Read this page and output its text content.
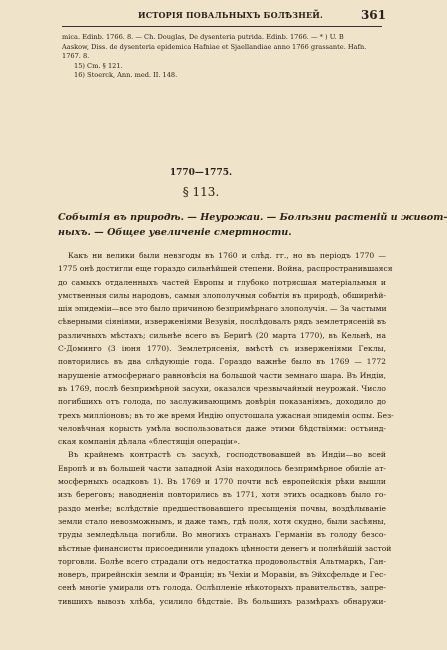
ИСТОРІЯ ПОВАЛЬНЫХЪ БОЛѢЗНЕЙ.	361
mica. Edinb. 1766. 8. — Ch. Douglas, De dysenteria putrida. Edinb. 1766. — * ) U. B
Aaskow, Diss. de dysenteria epidemica Hafniae et Sjaellandiae anno 1766 grassante. Hafn.
1767. 8.
15) Cm. § 121.
16) Stoerck, Ann. med. II. 148.
1770—1775.
§ 113.
Событія въ природѣ. — Неурожаи. — Болѣзни растеній и живот-
ныхъ. — Общее увеличеніе смертности.
Какъ ни велики были невзгоды въ 1760 и слѣд. гг., но въ періодъ 1770 —
1775 онѣ достигли еще гораздо сильнѣйшей степени. Война, распространившаяся
до самыхъ отдаленныхъ частей Европы и глубоко потрясшая матеріальныя и
умственныя силы народовъ, самыя злополучныя событія въ природѣ, обширнѣй-
шія эпидеміи—все это было причиною безпримѣрнаго злополучія. — За частыми
сѣверными сіяніями, изверженіями Везувія, послѣдовалъ рядъ землетрясеній въ
различныхъ мѣстахъ; сильнѣе всего въ Беригѣ (20 марта 1770), въ Кельнѣ, на
С-Доминго (3 іюня 1770). Землетрясенія, вмѣстѣ съ изверженіями Геклы,
повторились въ два слѣдующіе года. Гораздо важнѣе было въ 1769 — 1772
нарушеніе атмосфернаго равновѣсія на большой части земнаго шара. Въ Индіи,
въ 1769, послѣ безпримѣрной засухи, оказался чрезвычайный неурожай. Число
погибшихъ отъ голода, по заслуживающимъ довѣрія показаніямъ, доходило до
трехъ милліоновъ; въ то же время Индію опустошала ужасная эпидемія оспы. Без-
человѣчная корысть умѣла воспользоваться даже этими бѣдствіями: остъинд-
ская компанія дѣлала «блестящія операціи».
Въ крайнемъ контрастѣ съ засухѣ, господствовавшей въ Индіи—во всей
Европѣ и въ большей части западной Азіи находилось безпримѣрное обиліе ат-
мосферныхъ осадковъ 1). Въ 1769 и 1770 почти всѣ европейскія рѣки вышли
изъ береговъ; наводненія повторились въ 1771, хотя этихъ осадковъ было го-
раздо менѣе; вслѣдствіе предшествовавшего пресыщенія почвы, воздѣлываніе
земли стало невозможнымъ, и даже тамъ, гдѣ поля, хотя скудно, были засѣяны,
труды земледѣльца погибли. Во многихъ странахъ Германіи въ голоду безсо-
вѣстные финансисты присоединили упадокъ цѣнности денегъ и полнѣйшій застой
торговли. Болѣе всего страдали отъ недостатка продовольствія Альтмаркъ, Ган-
новеръ, прирейнскія земли и Франція; въ Чехіи и Моравіи, въ Эйхсфельде и Гес-
сенѣ многіе умирали отъ голода. Ослѣпленіе нѣкоторыхъ правительствъ, запре-
тившихъ вывозъ хлѣба, усилило бѣдствіе. Въ большихъ размѣрахъ обнаружи-
